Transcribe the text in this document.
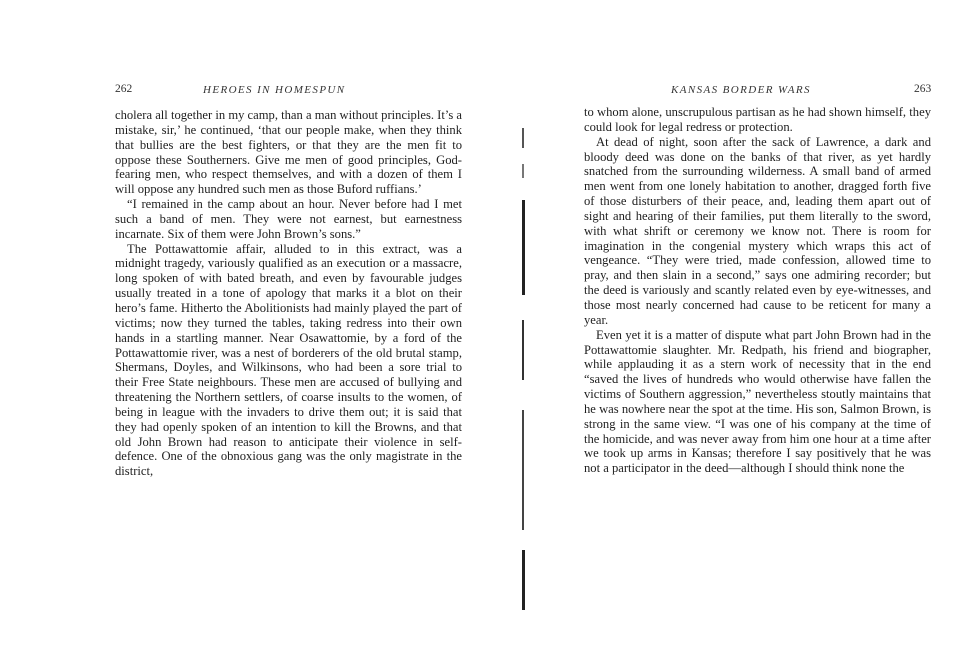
262	HEROES IN HOMESPUN

cholera all together in my camp, than a man without principles. It’s a mistake, sir,’ he continued, ‘that our people make, when they think that bullies are the best fighters, or that they are the men fit to oppose these Southerners. Give me men of good principles, God-fearing men, who respect themselves, and with a dozen of them I will oppose any hundred such men as those Buford ruffians.’

“I remained in the camp about an hour. Never before had I met such a band of men. They were not earnest, but earnestness incarnate. Six of them were John Brown’s sons.”

The Pottawattomie affair, alluded to in this extract, was a midnight tragedy, variously qualified as an execution or a massacre, long spoken of with bated breath, and even by favourable judges usually treated in a tone of apology that marks it a blot on their hero’s fame. Hitherto the Abolitionists had mainly played the part of victims; now they turned the tables, taking redress into their own hands in a startling manner. Near Osawattomie, by a ford of the Pottawattomie river, was a nest of borderers of the old brutal stamp, Shermans, Doyles, and Wilkinsons, who had been a sore trial to their Free State neighbours. These men are accused of bullying and threatening the Northern settlers, of coarse insults to the women, of being in league with the invaders to drive them out; it is said that they had openly spoken of an intention to kill the Browns, and that old John Brown had reason to anticipate their violence in self-defence. One of the obnoxious gang was the only magistrate in the district,

KANSAS BORDER WARS	263

to whom alone, unscrupulous partisan as he had shown himself, they could look for legal redress or protection.

At dead of night, soon after the sack of Lawrence, a dark and bloody deed was done on the banks of that river, as yet hardly snatched from the surrounding wilderness. A small band of armed men went from one lonely habitation to another, dragged forth five of those disturbers of their peace, and, leading them apart out of sight and hearing of their families, put them literally to the sword, with what shrift or ceremony we know not. There is room for imagination in the congenial mystery which wraps this act of vengeance. “They were tried, made confession, allowed time to pray, and then slain in a second,” says one admiring recorder; but the deed is variously and scantly related even by eye-witnesses, and those most nearly concerned had cause to be reticent for many a year.

Even yet it is a matter of dispute what part John Brown had in the Pottawattomie slaughter. Mr. Redpath, his friend and biographer, while applauding it as a stern work of necessity that in the end “saved the lives of hundreds who would otherwise have fallen the victims of Southern aggression,” nevertheless stoutly maintains that he was nowhere near the spot at the time. His son, Salmon Brown, is strong in the same view. “I was one of his company at the time of the homicide, and was never away from him one hour at a time after we took up arms in Kansas; therefore I say positively that he was not a participator in the deed—although I should think none the
